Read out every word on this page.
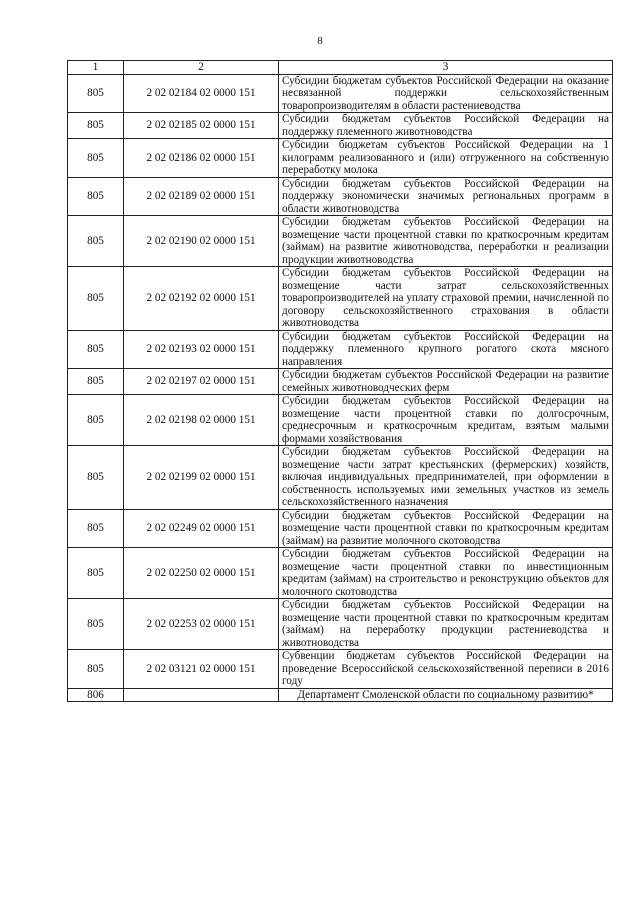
8
1	2	3
805	2 02 02184 02 0000 151	Субсидии бюджетам субъектов Российской Федерации на оказание несвязанной поддержки сельскохозяйственным товаропроизводителям в области растениеводства
805	2 02 02185 02 0000 151	Субсидии бюджетам субъектов Российской Федерации на поддержку племенного животноводства
805	2 02 02186 02 0000 151	Субсидии бюджетам субъектов Российской Федерации на 1 килограмм реализованного и (или) отгруженного на собственную переработку молока
805	2 02 02189 02 0000 151	Субсидии бюджетам субъектов Российской Федерации на поддержку экономически значимых региональных программ в области животноводства
805	2 02 02190 02 0000 151	Субсидии бюджетам субъектов Российской Федерации на возмещение части процентной ставки по краткосрочным кредитам (займам) на развитие животноводства, переработки и реализации продукции животноводства
805	2 02 02192 02 0000 151	Субсидии бюджетам субъектов Российской Федерации на возмещение части затрат сельскохозяйственных товаропроизводителей на уплату страховой премии, начисленной по договору сельскохозяйственного страхования в области животноводства
805	2 02 02193 02 0000 151	Субсидии бюджетам субъектов Российской Федерации на поддержку племенного крупного рогатого скота мясного направления
805	2 02 02197 02 0000 151	Субсидии бюджетам субъектов Российской Федерации на развитие семейных животноводческих ферм
805	2 02 02198 02 0000 151	Субсидии бюджетам субъектов Российской Федерации на возмещение части процентной ставки по долгосрочным, среднесрочным и краткосрочным кредитам, взятым малыми формами хозяйствования
805	2 02 02199 02 0000 151	Субсидии бюджетам субъектов Российской Федерации на возмещение части затрат крестьянских (фермерских) хозяйств, включая индивидуальных предпринимателей, при оформлении в собственность используемых ими земельных участков из земель сельскохозяйственного назначения
805	2 02 02249 02 0000 151	Субсидии бюджетам субъектов Российской Федерации на возмещение части процентной ставки по краткосрочным кредитам (займам) на развитие молочного скотоводства
805	2 02 02250 02 0000 151	Субсидии бюджетам субъектов Российской Федерации на возмещение части процентной ставки по инвестиционным кредитам (займам) на строительство и реконструкцию объектов для молочного скотоводства
805	2 02 02253 02 0000 151	Субсидии бюджетам субъектов Российской Федерации на возмещение части процентной ставки по краткосрочным кредитам (займам) на переработку продукции растениеводства и животноводства
805	2 02 03121 02 0000 151	Субвенции бюджетам субъектов Российской Федерации на проведение Всероссийской сельскохозяйственной переписи в 2016 году
806		Департамент Смоленской области по социальному развитию*
